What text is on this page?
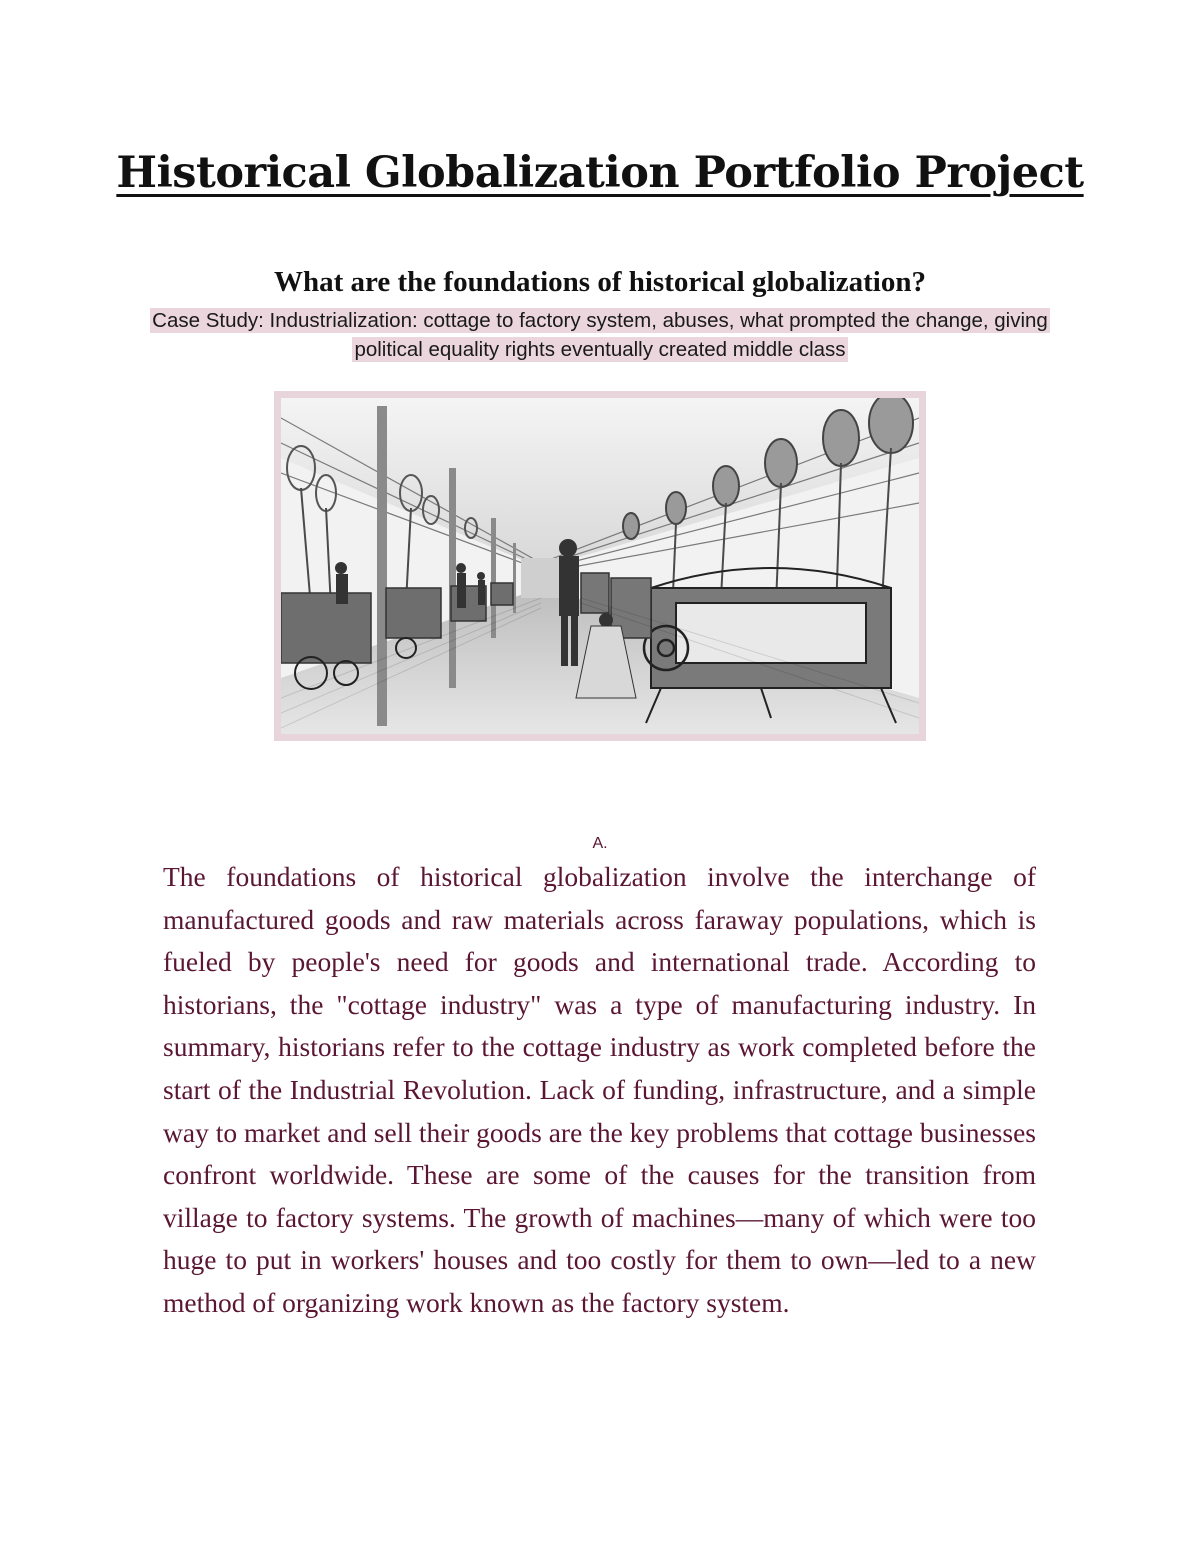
Historical Globalization Portfolio Project
What are the foundations of historical globalization?
Case Study: Industrialization: cottage to factory system, abuses, what prompted the change, giving political equality rights eventually created middle class
A.
The foundations of historical globalization involve the interchange of manufactured goods and raw materials across faraway populations, which is fueled by people's need for goods and international trade. According to historians, the "cottage industry" was a type of manufacturing industry. In summary, historians refer to the cottage industry as work completed before the start of the Industrial Revolution. Lack of funding, infrastructure, and a simple way to market and sell their goods are the key problems that cottage businesses confront worldwide. These are some of the causes for the transition from village to factory systems. The growth of machines—many of which were too huge to put in workers' houses and too costly for them to own—led to a new method of organizing work known as the factory system.
